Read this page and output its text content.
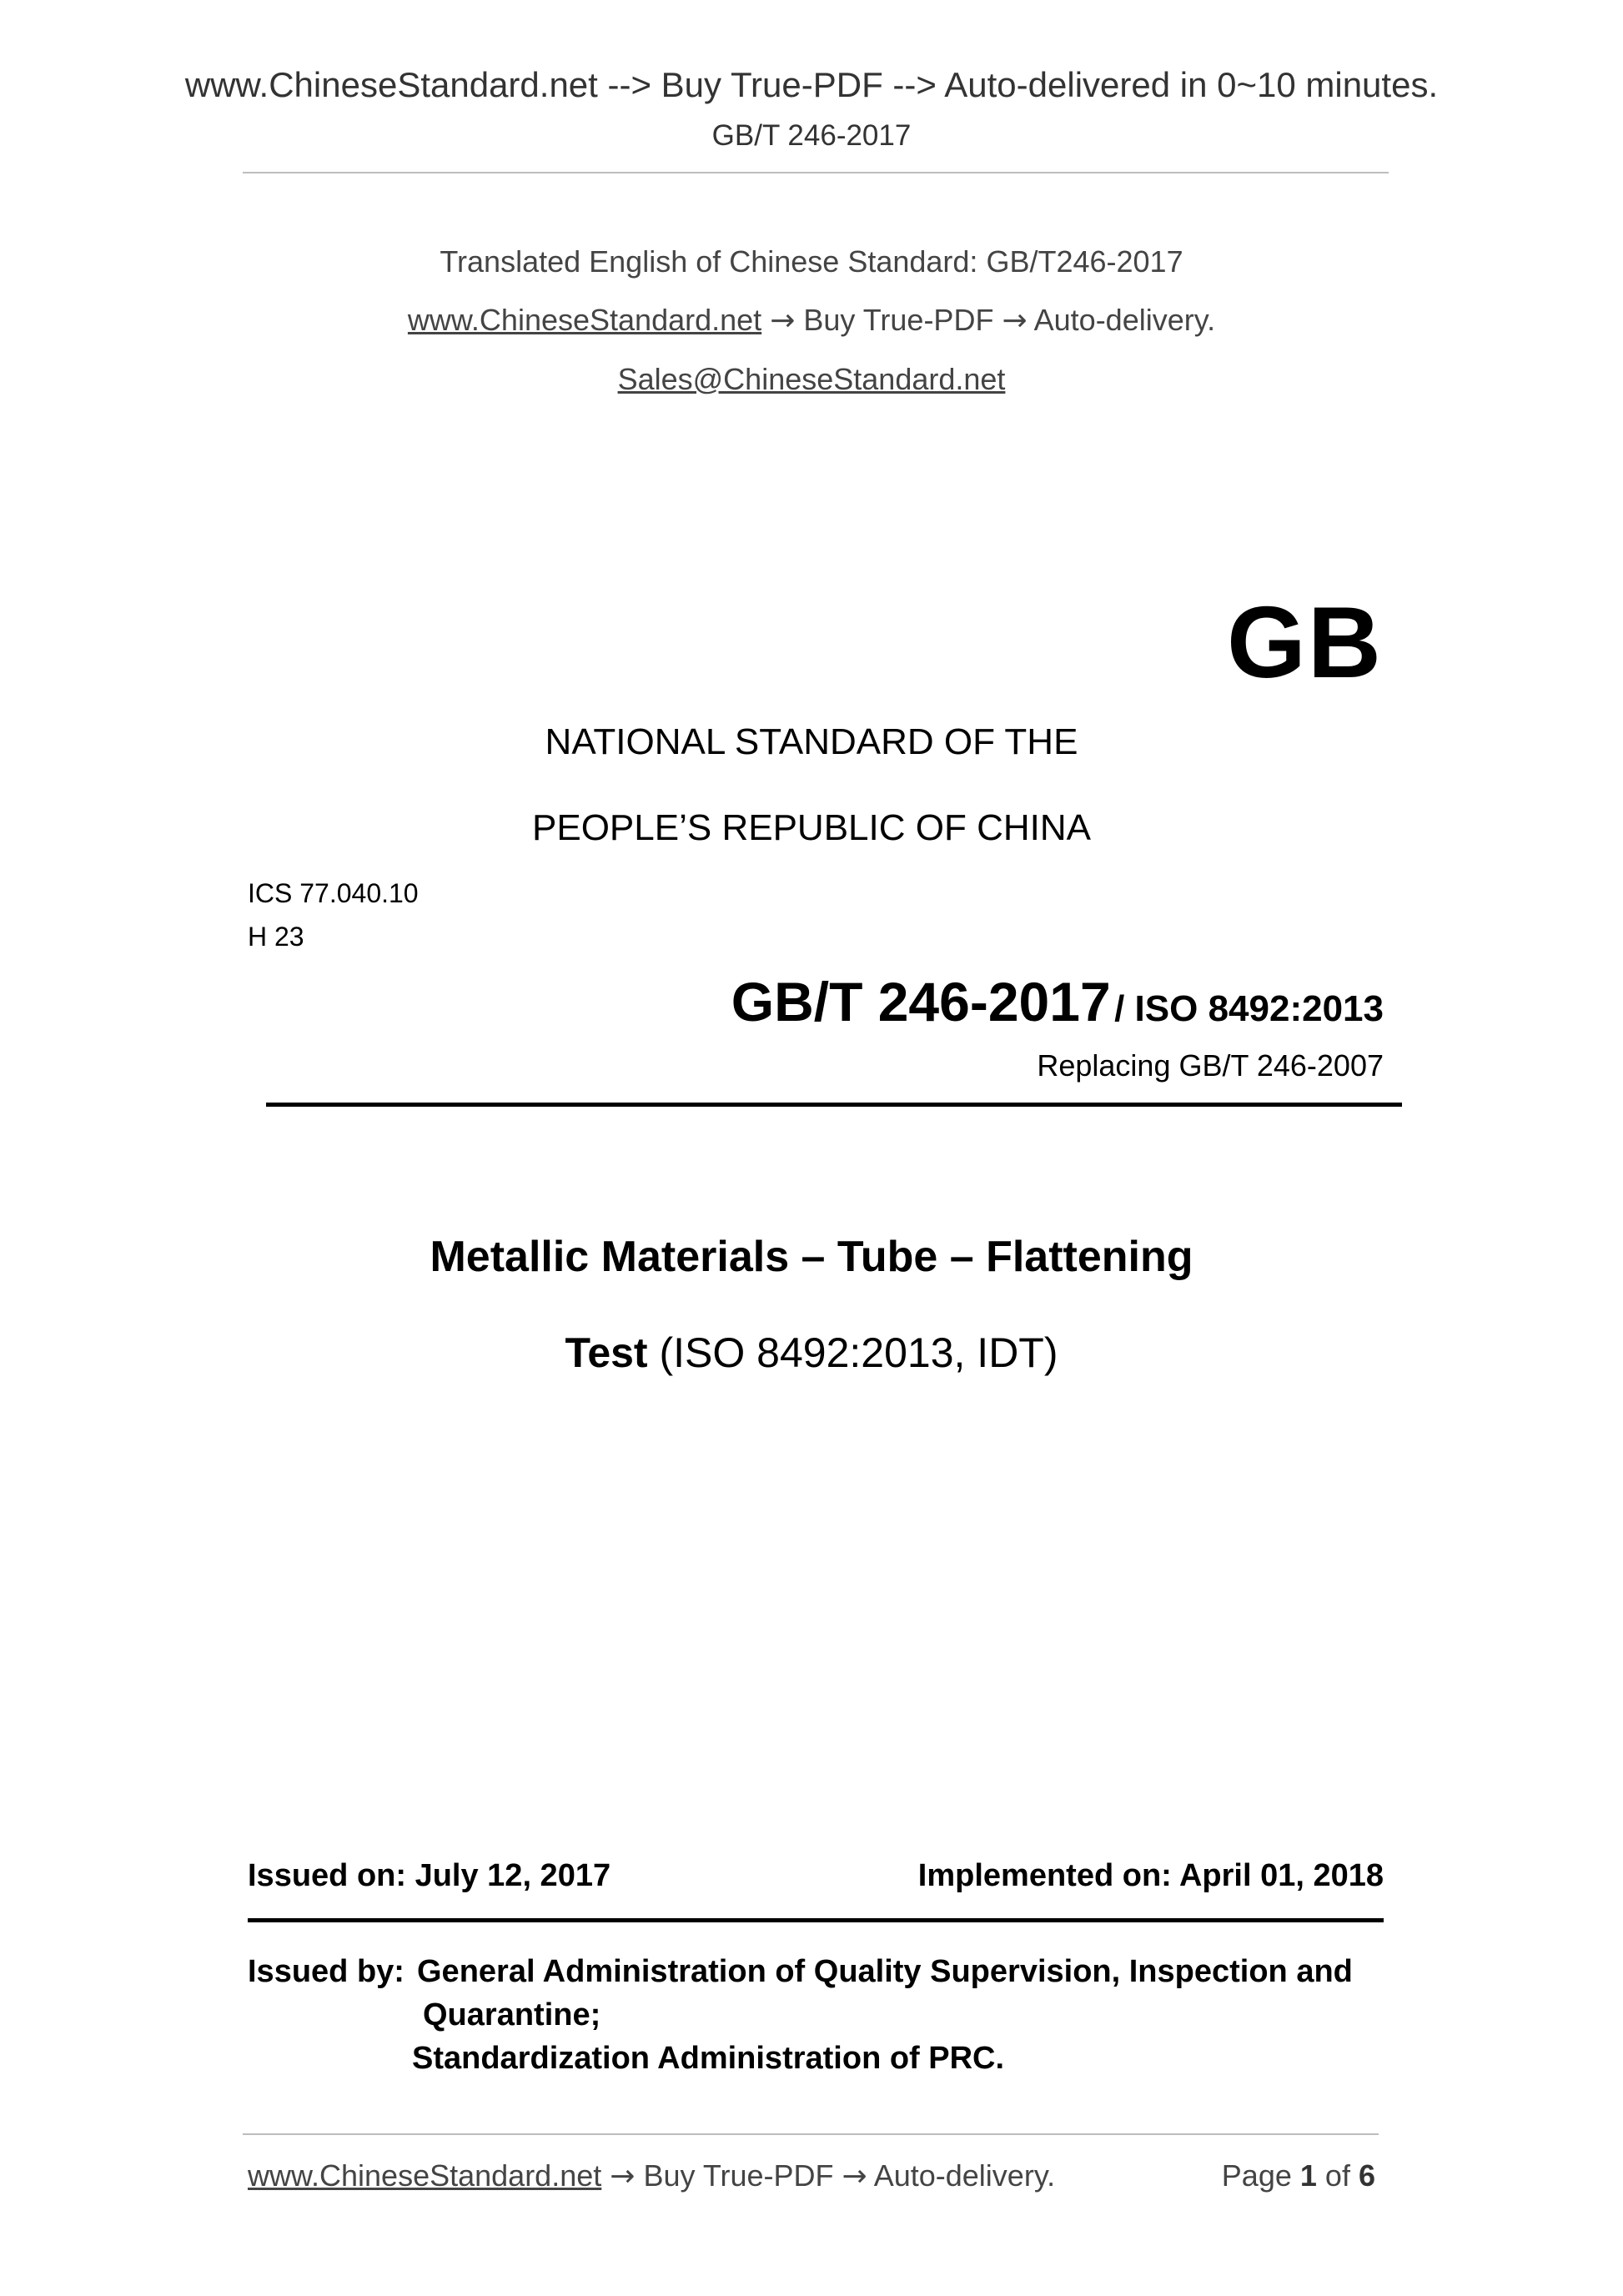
www.ChineseStandard.net --> Buy True-PDF --> Auto-delivered in 0~10 minutes.
GB/T 246-2017
Translated English of Chinese Standard: GB/T246-2017
www.ChineseStandard.net → Buy True-PDF → Auto-delivery.
Sales@ChineseStandard.net
GB
NATIONAL STANDARD OF THE
PEOPLE’S REPUBLIC OF CHINA
ICS 77.040.10
H 23
GB/T 246-2017 / ISO 8492:2013
Replacing GB/T 246-2007
Metallic Materials – Tube – Flattening
Test (ISO 8492:2013, IDT)
Issued on: July 12, 2017	Implemented on: April 01, 2018
Issued by: General Administration of Quality Supervision, Inspection and
Quarantine;
Standardization Administration of PRC.
www.ChineseStandard.net → Buy True-PDF → Auto-delivery.	Page 1 of 6
